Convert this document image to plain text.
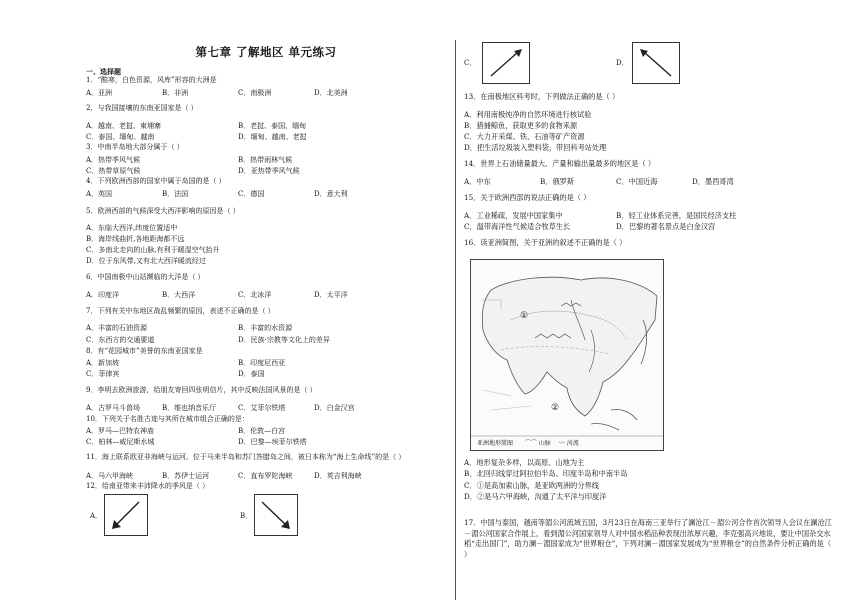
第七章 了解地区 单元练习
一、选择题
1．“酷寒，白色资源，风库”形容的大洲是
A．亚洲	B．非洲	C．南极洲	D．北美洲
2．与我国接壤的东南亚国家是（ ）
A．越南、老挝、柬埔寨	B．老挝、泰国、缅甸
C．泰国、缅甸、越南	D．缅甸、越南、老挝
3．中南半岛地大部分属于（ ）
A．热带季风气候	B．热带雨林气候
C．热带草原气候	D．亚热带季风气候
4．下列欧洲西部的国家中属于岛国的是（ ）
A．英国	B．法国	C．德国	D．意大利
5．欧洲西部的气候深受大西洋影响的原因是（ ）
A．东临大西洋,纬度位置适中
B．海岸线曲折,各地距海都不远
C．多南北走向的山脉,有利于暖湿空气抬升
D．位于东风带,又有北大西洋暖流经过
6．中国南极中山站濒临的大洋是（ ）
A．印度洋	B．大西洋	C．北冰洋	D．太平洋
7．下列有关中东地区战乱频繁的原因，表述不正确的是（ ）
A．丰富的石油资源	B．丰富的水资源
C．东西方的交通要道	D．民族·宗教等文化上的差异
8．有“花园城市”美誉的东南亚国家是
A．新加坡	B．印度尼西亚
C．菲律宾	D．泰国
9．李明去欧洲旅游，给朋友寄回四张明信片，其中反映法国风景的是（ ）
A．古罗马斗兽场	B．维也纳音乐厅	C．艾菲尔铁塔	D．白金汉宫
10．下列关于名胜古迹与其所在城市组合正确的是：
A．罗马—巴特农神庙	B．伦敦—白宫
C．柏林—威尼斯水城	D．巴黎—埃菲尔铁塔
11．海上联系欧亚非海峡与运河。位于马来半岛和苏门答腊岛之间，被日本称为“海上生命线”的是（ ）
A．马六甲海峡	B．苏伊士运河	C．直布罗陀海峡	D．英吉利海峡
12．给南亚带来丰沛降水的季风是（ ）
A．	B．
C．	D．
13．在南极地区科考时，下列做法正确的是（ ）
A．利用南极纯净的自然环境进行核试验
B．猎捕鲸鱼，获取更多的食物来源
C．大力开采煤、铁、石油等矿产资源
D．把生活垃圾装入塑料袋，带回科考站处理
14．世界上石油储量最大、产量和输出量最多的地区是（ ）
A．中东	B．俄罗斯	C．中国近海	D．墨西哥湾
15．关于欧洲西部的说法正确的是（ ）
A．工业稀疏，发展中国家集中	B．轻工业体系完善，是国民经济支柱
C．温带海洋性气候适合牧草生长	D．巴黎的著名景点是白金汉宫
16．读亚洲简图，关于亚洲的叙述不正确的是（ ）
①
②
亚洲地形简图 ⌒⌒ 山脉 〰 河流
A．地形复杂多样，以高原、山地为主
B．北回归线穿过阿拉伯半岛、印度半岛和中南半岛
C．①是高加索山脉，是亚欧两洲的分界线
D．②是马六甲海峡，沟通了太平洋与印度洋
17．中国与泰国，越南等湄公河流域五国，3月23日在海南三亚举行了澜沧江－湄公河合作首次领导人会议在澜沧江－湄公河国家合作展上，看到湄公河国家领导人对中国水稻品种表现出浓厚兴趣，李克强高兴地说，要让中国杂交水稻“走出国门”，助力澜－湄国家成为“世界粮仓”，下列对澜－湄国家发展成为“世界粮仓”的自然条件分析正确的是（ ）
